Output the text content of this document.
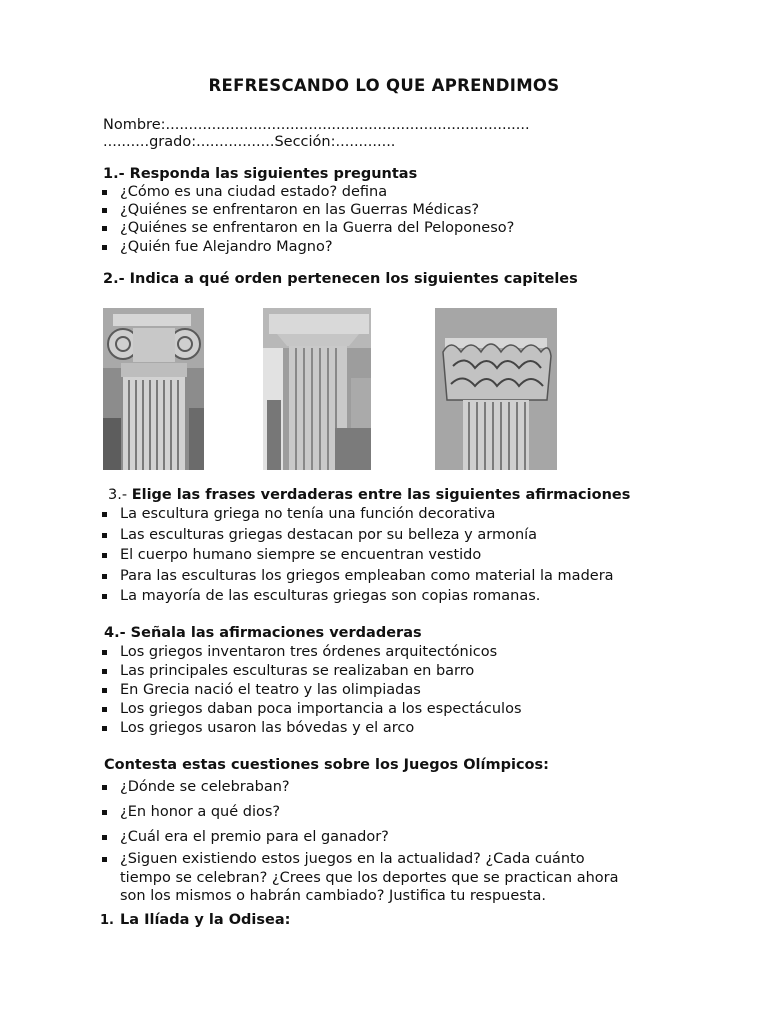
REFRESCANDO LO QUE APRENDIMOS
Nombre:...............................................................................
..........grado:.................Sección:.............
1.- Responda las siguientes preguntas
¿Cómo es una ciudad estado? defina
¿Quiénes se enfrentaron en las Guerras Médicas?
¿Quiénes se enfrentaron en la Guerra del Peloponeso?
¿Quién fue Alejandro Magno?
2.- Indica a qué orden pertenecen los siguientes capiteles
3.- Elige las frases verdaderas entre las siguientes afirmaciones
La escultura griega no tenía una función decorativa
Las esculturas griegas destacan por su belleza y armonía
El cuerpo humano siempre se encuentran vestido
Para las esculturas los griegos empleaban como material la madera
La mayoría de las esculturas griegas son copias romanas.
4.- Señala las afirmaciones verdaderas
Los griegos inventaron tres órdenes arquitectónicos
Las principales esculturas se realizaban en barro
En Grecia nació el teatro y las olimpiadas
Los griegos daban poca importancia a los espectáculos
Los griegos usaron las bóvedas y el arco
Contesta estas cuestiones sobre los Juegos Olímpicos:
¿Dónde se celebraban?
¿En honor a qué dios?
¿Cuál era el premio para el ganador?
¿Siguen existiendo estos juegos en la actualidad? ¿Cada cuánto
tiempo se celebran? ¿Crees que los deportes que se practican ahora
son los mismos o habrán cambiado? Justifica tu respuesta.
1. La Ilíada y la Odisea:
